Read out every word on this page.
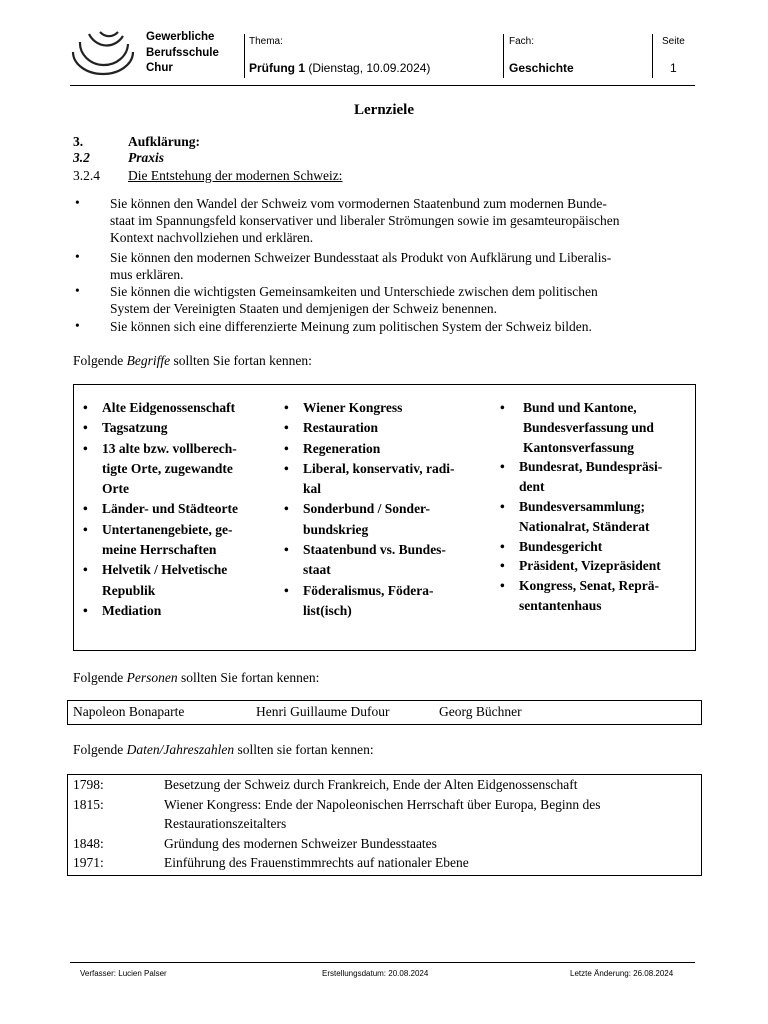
Gewerbliche
Berufsschule
Chur
Thema:
Prüfung 1 (Dienstag, 10.09.2024)
Fach:
Geschichte
Seite
1
Lernziele
3.	Aufklärung:
3.2	Praxis
3.2.4 Die Entstehung der modernen Schweiz:
• Sie können den Wandel der Schweiz vom vormodernen Staatenbund zum modernen Bunde-
staat im Spannungsfeld konservativer und liberaler Strömungen sowie im gesamteuropäischen
Kontext nachvollziehen und erklären.
• Sie können den modernen Schweizer Bundesstaat als Produkt von Aufklärung und Liberalis-
mus erklären.
• Sie können die wichtigsten Gemeinsamkeiten und Unterschiede zwischen dem politischen
System der Vereinigten Staaten und demjenigen der Schweiz benennen.
• Sie können sich eine differenzierte Meinung zum politischen System der Schweiz bilden.
Folgende Begriffe sollten Sie fortan kennen:
• Alte Eidgenossenschaft
• Tagsatzung
• 13 alte bzw. vollberech-
tigte Orte, zugewandte
Orte
• Länder- und Städteorte
• Untertanengebiete, ge-
meine Herrschaften
• Helvetik / Helvetische
Republik
• Mediation
• Wiener Kongress
• Restauration
• Regeneration
• Liberal, konservativ, radi-
kal
• Sonderbund / Sonder-
bundskrieg
• Staatenbund vs. Bundes-
staat
• Föderalismus, Födera-
list(isch)
• Bund und Kantone,
Bundesverfassung und
Kantonsverfassung
• Bundesrat, Bundespräsi-
dent
• Bundesversammlung;
Nationalrat, Ständerat
• Bundesgericht
• Präsident, Vizepräsident
• Kongress, Senat, Reprä-
sentantenhaus
Folgende Personen sollten Sie fortan kennen:
Napoleon Bonaparte	Henri Guillaume Dufour	Georg Büchner
Folgende Daten/Jahreszahlen sollten sie fortan kennen:
1798:	Besetzung der Schweiz durch Frankreich, Ende der Alten Eidgenossenschaft
1815:	Wiener Kongress: Ende der Napoleonischen Herrschaft über Europa, Beginn des
Restaurationszeitalters
1848:	Gründung des modernen Schweizer Bundesstaates
1971:	Einführung des Frauenstimmrechts auf nationaler Ebene
Verfasser: Lucien Palser	Erstellungsdatum: 20.08.2024	Letzte Änderung: 26.08.2024
